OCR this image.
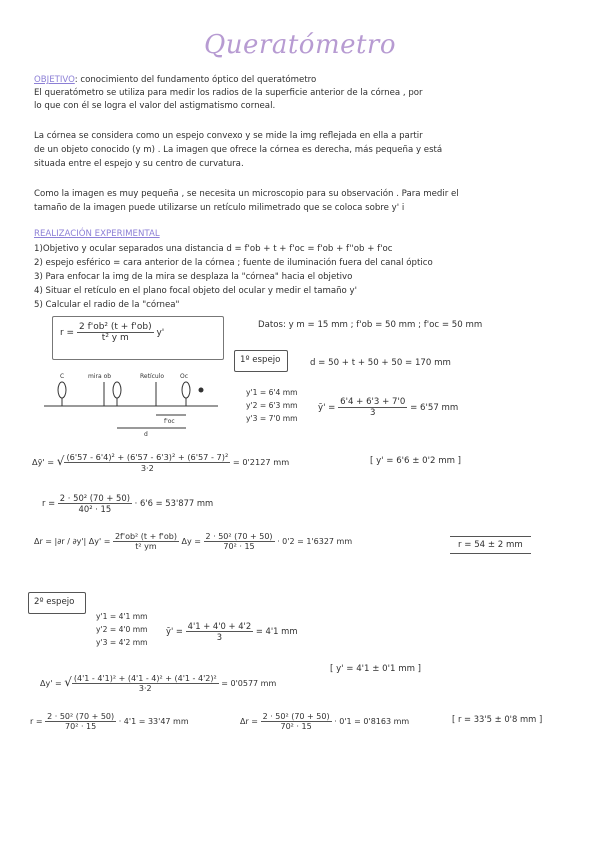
Queratómetro
OBJETIVO: conocimiento del fundamento óptico del queratómetro
El queratómetro se utiliza para medir los radios de la superficie anterior de la córnea , por
lo que con él se logra el valor del astigmatismo corneal.
La córnea se considera como un espejo convexo y se mide la img reflejada en ella a partir
de un objeto conocido (y m) . La imagen que ofrece la córnea es derecha, más pequeña y está
situada entre el espejo y su centro de curvatura.
Como la imagen es muy pequeña , se necesita un microscopio para su observación . Para medir el
tamaño de la imagen puede utilizarse un retículo milimetrado que se coloca sobre y' i
REALIZACIÓN EXPERIMENTAL
1)Objetivo y ocular separados una distancia d = f'ob + t + f'oc = f'ob + f''ob + f'oc
2) espejo esférico = cara anterior de la córnea ; fuente de iluminación fuera del canal óptico
3) Para enfocar la img de la mira se desplaza la "córnea" hacia el objetivo
4) Situar el retículo en el plano focal objeto del ocular y medir el tamaño y'
5) Calcular el radio de la "córnea"
$r = \frac{\text{2 f'ob² (t + f'ob)}}{\text{t² y m}} y'$
Datos: y m = 15 mm ; f'ob = 50 mm ; f'oc = 50 mm
1º espejo	d = 50 + t + 50 + 50 = 170 mm
C	mira ob	Retículo	Oc
f'oc
d
y'1 = 6'4 mm
y'2 = 6'3 mm
y'3 = 7'0 mm
ȳ' = $\frac{6'4 + 6'3 + 7'0}{3} = 6'57$ mm
Δȳ' = √ $\frac{\text{(6'57 - 6'4)² + (6'57 - 6'3)² + (6'57 - 7)²}}{3\cdot 2} = 0'2127$ mm	[ y' = 6'6 ± 0'2 mm ]
$r = \frac{\text{2 · 50² (70 + 50)}}{\text{40² · 15}} \cdot 6'6 = 53'877$ mm
Δr = |∂r / ∂y'| $\Delta y' = \frac{\text{2f'ob² (t + f'ob)}}{\text{t² ym}}$ $\Delta y = \frac{\text{2 · 50² (70 + 50)}}{\text{70² · 15}} \cdot 0'2 = 1'6327$ mm	r = 54 ± 2 mm
2º espejo
y'1 = 4'1 mm
y'2 = 4'0 mm
y'3 = 4'2 mm
ȳ' = $\frac{4'1 + 4'0 + 4'2}{3} = 4'1$ mm
[ y' = 4'1 ± 0'1 mm ]
Δy' = √ $\frac{\text{(4'1 - 4'1)² + (4'1 - 4)² + (4'1 - 4'2)²}}{3\cdot 2} = 0'0577$ mm
$r = \frac{\text{2 · 50² (70 + 50)}}{\text{70² · 15}} \cdot 4'1 = 33'47$ mm	$\Delta r = \frac{\text{2 · 50² (70 + 50)}}{\text{70² · 15}} \cdot 0'1 = 0'8163$ mm	[ r = 33'5 ± 0'8 mm ]
